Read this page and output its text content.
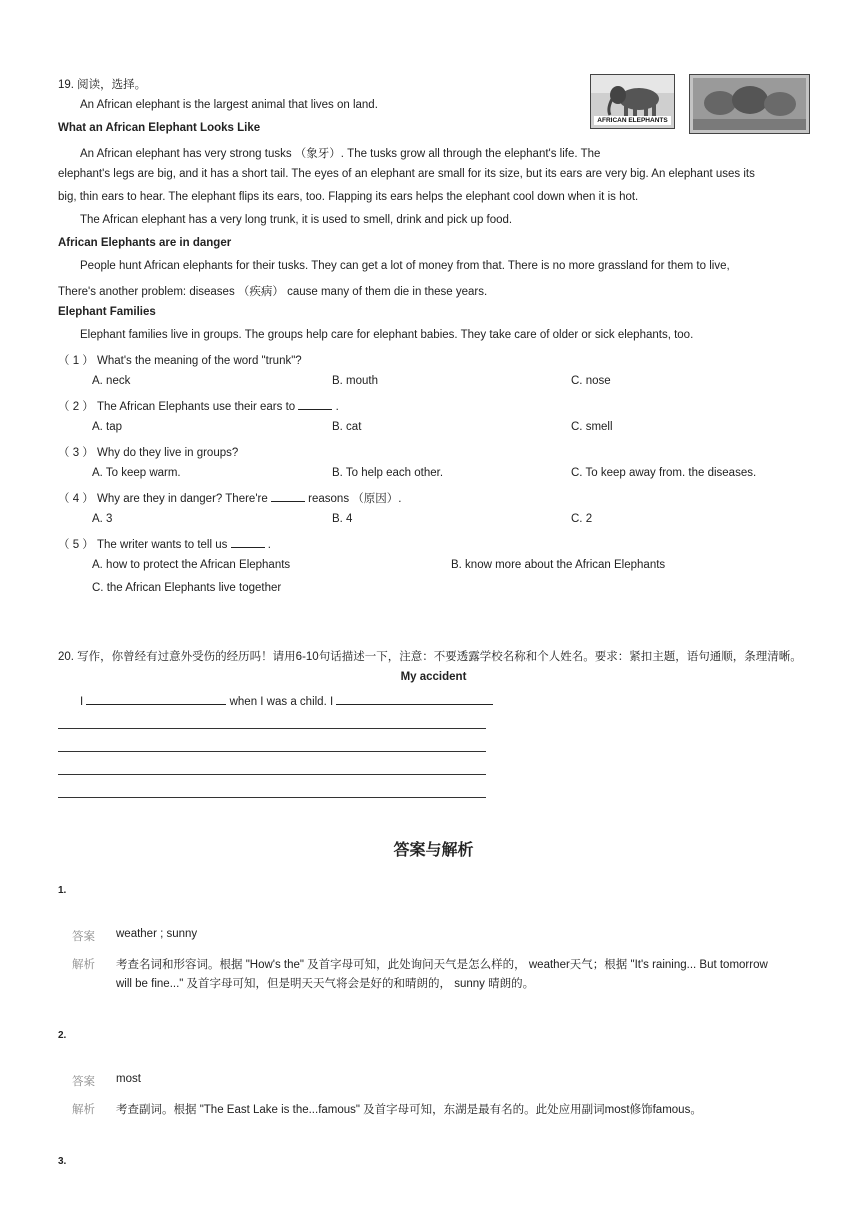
19. 阅读，选择。
An African elephant is the largest animal that lives on land.
AFRICAN ELEPHANTS
What an African Elephant Looks Like
An African elephant has very strong tusks （象牙）. The tusks grow all through the elephant's life. The
elephant's legs are big, and it has a short tail. The eyes of an elephant are small for its size, but its ears are very big. An elephant uses its
big, thin ears to hear. The elephant flips its ears, too. Flapping its ears helps the elephant cool down when it is hot.
The African elephant has a very long trunk, it is used to smell, drink and pick up food.
African Elephants are in danger
People hunt African elephants for their tusks. They can get a lot of money from that. There is no more grassland for them to live,
There's another problem: diseases （疾病） cause many of them die in these years.
Elephant Families
Elephant families live in groups. The groups help care for elephant babies. They take care of older or sick elephants, too.
（ 1 ） What's the meaning of the word "trunk"?
A. neck	B. mouth	C. nose
（ 2 ） The African Elephants use their ears to	.
A. tap	B. cat	C. smell
（ 3 ） Why do they live in groups?
A. To keep warm.	B. To help each other.	C. To keep away from. the diseases.
（ 4 ） Why are they in danger? There're	reasons （原因）.
A. 3	B. 4	C. 2
（ 5 ） The writer wants to tell us	.
A. how to protect the African Elephants	B. know more about the African Elephants
C. the African Elephants live together
20. 写作，你曾经有过意外受伤的经历吗！请用6-10句话描述一下，注意：不要透露学校名称和个人姓名。要求：紧扣主题，语句通顺，条理清晰。
My accident
I	when I was a child. I
答案与解析
1.
答案 weather ; sunny
解析 考查名词和形容词。根据 "How's the" 及首字母可知，此处询问天气是怎么样的， weather天气；根据 "It's raining... But tomorrow
will be fine..." 及首字母可知，但是明天天气将会是好的和晴朗的， sunny 晴朗的。
2.
答案 most
解析 考查副词。根据 "The East Lake is the...famous" 及首字母可知，东湖是最有名的。此处应用副词most修饰famous。
3.
